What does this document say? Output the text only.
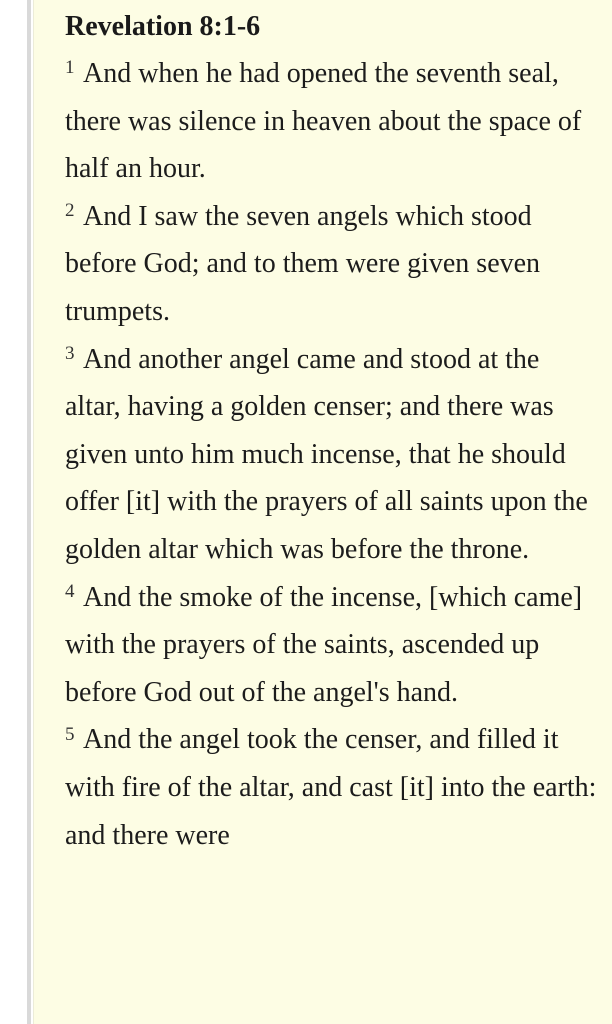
Revelation 8:1-6

$^1$ And when he had opened the seventh seal, there was silence in heaven about the space of half an hour.

$^2$ And I saw the seven angels which stood before God; and to them were given seven trumpets.

$^3$ And another angel came and stood at the altar, having a golden censer; and there was given unto him much incense, that he should offer [it] with the prayers of all saints upon the golden altar which was before the throne.

$^4$ And the smoke of the incense, [which came] with the prayers of the saints, ascended up before God out of the angel's hand.

$^5$ And the angel took the censer, and filled it with fire of the altar, and cast [it] into the earth: and there were
